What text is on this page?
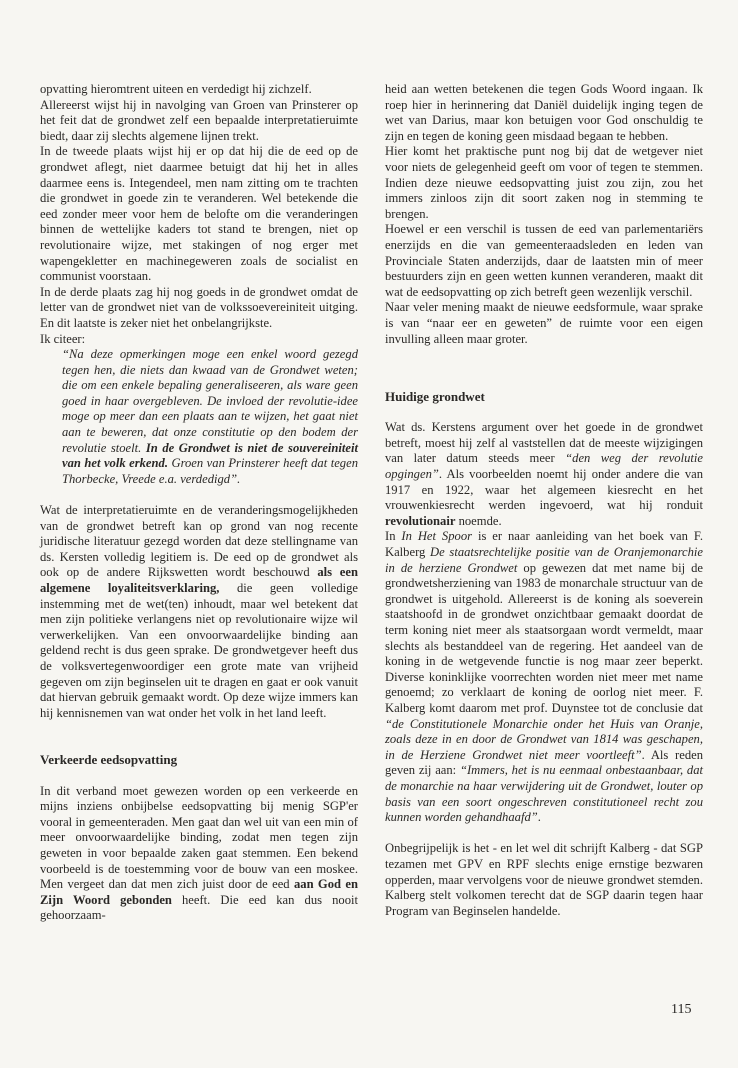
opvatting hieromtrent uiteen en verdedigt hij zichzelf.

Allereerst wijst hij in navolging van Groen van Prinsterer op het feit dat de grondwet zelf een bepaalde interpretatieruimte biedt, daar zij slechts algemene lijnen trekt.

In de tweede plaats wijst hij er op dat hij die de eed op de grondwet aflegt, niet daarmee betuigt dat hij het in alles daarmee eens is. Integendeel, men nam zitting om te trachten die grondwet in goede zin te veranderen. Wel betekende die eed zonder meer voor hem de belofte om die veranderingen binnen de wettelijke kaders tot stand te brengen, niet op revolutionaire wijze, met stakingen of nog erger met wapengekletter en machinegeweren zoals de socialist en communist voorstaan.

In de derde plaats zag hij nog goeds in de grondwet omdat de letter van de grondwet niet van de volkssoevereiniteit uitging. En dit laatste is zeker niet het onbelangrijkste.

Ik citeer:

“Na deze opmerkingen moge een enkel woord gezegd tegen hen, die niets dan kwaad van de Grondwet weten; die om een enkele bepaling generaliseeren, als ware geen goed in haar overgebleven. De invloed der revolutie-idee moge op meer dan een plaats aan te wijzen, het gaat niet aan te beweren, dat onze constitutie op den bodem der revolutie stoelt. In de Grondwet is niet de souvereiniteit van het volk erkend. Groen van Prinsterer heeft dat tegen Thorbecke, Vreede e.a. verdedigd”.

Wat de interpretatieruimte en de veranderingsmogelijkheden van de grondwet betreft kan op grond van nog recente juridische literatuur gezegd worden dat deze stellingname van ds. Kersten volledig legitiem is. De eed op de grondwet als ook op de andere Rijkswetten wordt beschouwd als een algemene loyaliteitsverklaring, die geen volledige instemming met de wet(ten) inhoudt, maar wel betekent dat men zijn politieke verlangens niet op revolutionaire wijze wil verwerkelijken. Van een onvoorwaardelijke binding aan geldend recht is dus geen sprake. De grondwetgever heeft dus de volksvertegenwoordiger een grote mate van vrijheid gegeven om zijn beginselen uit te dragen en gaat er ook vanuit dat hiervan gebruik gemaakt wordt. Op deze wijze immers kan hij kennisnemen van wat onder het volk in het land leeft.

Verkeerde eedsopvatting

In dit verband moet gewezen worden op een verkeerde en mijns inziens onbijbelse eedsopvatting bij menig SGP'er vooral in gemeenteraden. Men gaat dan wel uit van een min of meer onvoorwaardelijke binding, zodat men tegen zijn geweten in voor bepaalde zaken gaat stemmen. Een bekend voorbeeld is de toestemming voor de bouw van een moskee. Men vergeet dan dat men zich juist door de eed aan God en Zijn Woord gebonden heeft. Die eed kan dus nooit gehoorzaam-

heid aan wetten betekenen die tegen Gods Woord ingaan. Ik roep hier in herinnering dat Daniël duidelijk inging tegen de wet van Darius, maar kon betuigen voor God onschuldig te zijn en tegen de koning geen misdaad begaan te hebben.

Hier komt het praktische punt nog bij dat de wetgever niet voor niets de gelegenheid geeft om voor of tegen te stemmen. Indien deze nieuwe eedsopvatting juist zou zijn, zou het immers zinloos zijn dit soort zaken nog in stemming te brengen.

Hoewel er een verschil is tussen de eed van parlementariërs enerzijds en die van gemeenteraadsleden en leden van Provinciale Staten anderzijds, daar de laatsten min of meer bestuurders zijn en geen wetten kunnen veranderen, maakt dit wat de eedsopvatting op zich betreft geen wezenlijk verschil.

Naar veler mening maakt de nieuwe eedsformule, waar sprake is van “naar eer en geweten” de ruimte voor een eigen invulling alleen maar groter.

Huidige grondwet

Wat ds. Kerstens argument over het goede in de grondwet betreft, moest hij zelf al vaststellen dat de meeste wijzigingen van later datum steeds meer “den weg der revolutie opgingen”. Als voorbeelden noemt hij onder andere die van 1917 en 1922, waar het algemeen kiesrecht en het vrouwenkiesrecht werden ingevoerd, wat hij ronduit revolutionair noemde.

In In Het Spoor is er naar aanleiding van het boek van F. Kalberg De staatsrechtelijke positie van de Oranjemonarchie in de herziene Grondwet op gewezen dat met name bij de grondwetsherziening van 1983 de monarchale structuur van de grondwet is uitgehold. Allereerst is de koning als soeverein staatshoofd in de grondwet onzichtbaar gemaakt doordat de term koning niet meer als staatsorgaan wordt vermeldt, maar slechts als bestanddeel van de regering. Het aandeel van de koning in de wetgevende functie is nog maar zeer beperkt. Diverse koninklijke voorrechten worden niet meer met name genoemd; zo verklaart de koning de oorlog niet meer. F. Kalberg komt daarom met prof. Duynstee tot de conclusie dat “de Constitutionele Monarchie onder het Huis van Oranje, zoals deze in en door de Grondwet van 1814 was geschapen, in de Herziene Grondwet niet meer voortleeft”. Als reden geven zij aan: “Immers, het is nu eenmaal onbestaanbaar, dat de monarchie na haar verwijdering uit de Grondwet, louter op basis van een soort ongeschreven constitutioneel recht zou kunnen worden gehandhaafd”.

Onbegrijpelijk is het - en let wel dit schrijft Kalberg - dat SGP tezamen met GPV en RPF slechts enige ernstige bezwaren opperden, maar vervolgens voor de nieuwe grondwet stemden. Kalberg stelt volkomen terecht dat de SGP daarin tegen haar Program van Beginselen handelde.

115
